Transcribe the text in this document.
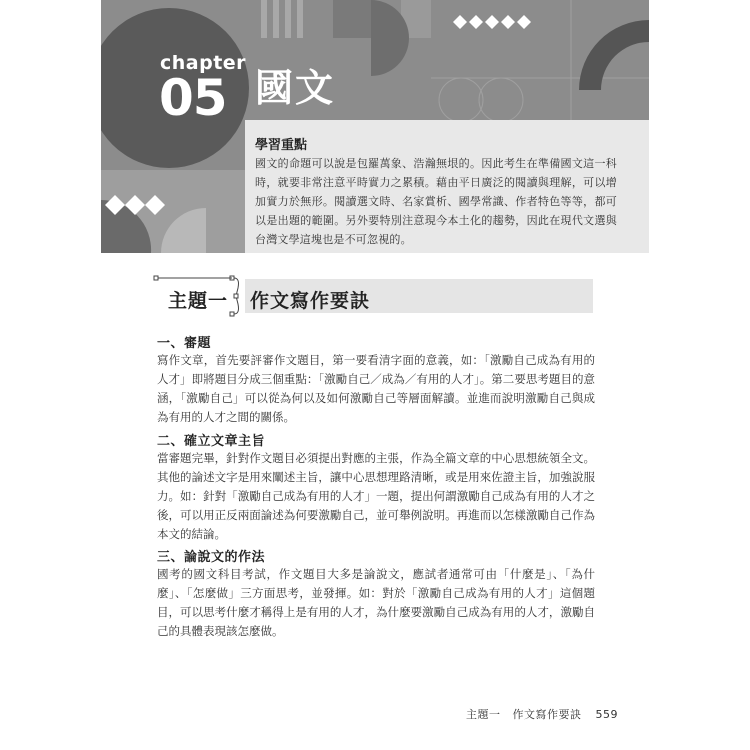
chapter
05 國文
學習重點
國文的命題可以說是包羅萬象、浩瀚無垠的。因此考生在準備國文這一科時，就要非常注意平時實力之累積。藉由平日廣泛的閱讀與理解，可以增加實力於無形。閱讀選文時、名家賞析、國學常識、作者特色等等，都可以是出題的範圍。另外要特別注意現今本土化的趨勢，因此在現代文選與台灣文學這塊也是不可忽視的。
主題一 作文寫作要訣
一、審題
寫作文章，首先要評審作文題目，第一要看清字面的意義，如：「激勵自己成為有用的人才」即將題目分成三個重點：「激勵自己／成為／有用的人才」。第二要思考題目的意涵，「激勵自己」可以從為何以及如何激勵自己等層面解讀。並進而說明激勵自己與成為有用的人才之間的關係。
二、確立文章主旨
當審題完畢，針對作文題目必須提出對應的主張，作為全篇文章的中心思想統領全文。其他的論述文字是用來闡述主旨，讓中心思想理路清晰，或是用來佐證主旨，加強說服力。如：針對「激勵自己成為有用的人才」一題，提出何謂激勵自己成為有用的人才之後，可以用正反兩面論述為何要激勵自己，並可舉例說明。再進而以怎樣激勵自己作為本文的結論。
三、論說文的作法
國考的國文科目考試，作文題目大多是論說文，應試者通常可由「什麼是」、「為什麼」、「怎麼做」三方面思考，並發揮。如：對於「激勵自己成為有用的人才」這個題目，可以思考什麼才稱得上是有用的人才，為什麼要激勵自己成為有用的人才，激勵自己的具體表現該怎麼做。
主題一 作文寫作要訣 559
